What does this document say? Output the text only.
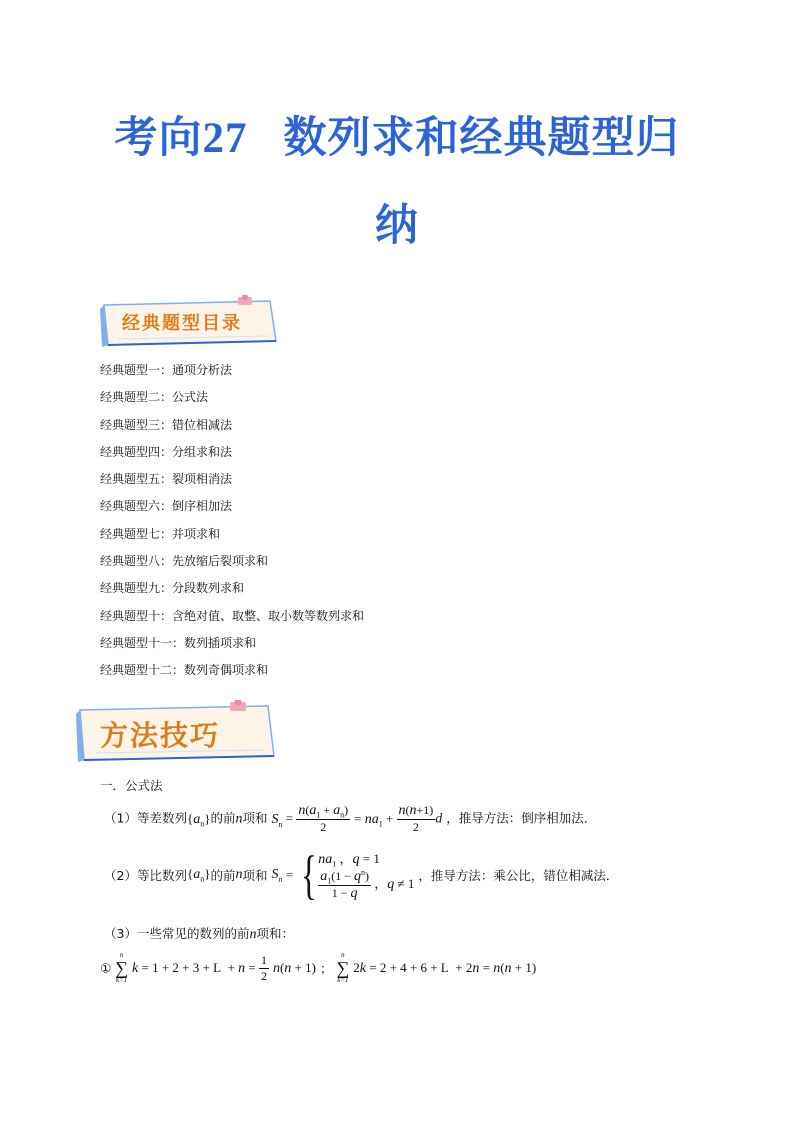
考向27 数列求和经典题型归
纳
经典题型目录
经典题型一：通项分析法
经典题型二：公式法
经典题型三：错位相减法
经典题型四：分组求和法
经典题型五：裂项相消法
经典题型六：倒序相加法
经典题型七：并项求和
经典题型八：先放缩后裂项求和
经典题型九：分段数列求和
经典题型十：含绝对值、取整、取小数等数列求和
经典题型十一：数列插项求和
经典题型十二：数列奇偶项求和
方法技巧
一．公式法
（1）等差数列$\{a_n\}$的前n项和 $S_n = \frac{n(a_1 + a_n)}{2} = na_1 + \frac{n(n+1)}{2}$ d ，推导方法：倒序相加法．
（2）等比数列$\{a_n\}$的前n项和 $S_n$ = { $na_1$ ，q = 1
$\frac{a_1(1 - q^n)}{1 - q}$ ，q ≠ 1
，推导方法：乘公比，错位相减法．
（3）一些常见的数列的前n项和：
①
n
∑
k=1
$k = 1 + 2 + 3 + L + n = \frac{1}{2} n(n + 1)$ ；
n
∑
k=1
2k = 2 + 4 + 6 + L  + 2n = n(n + 1)
